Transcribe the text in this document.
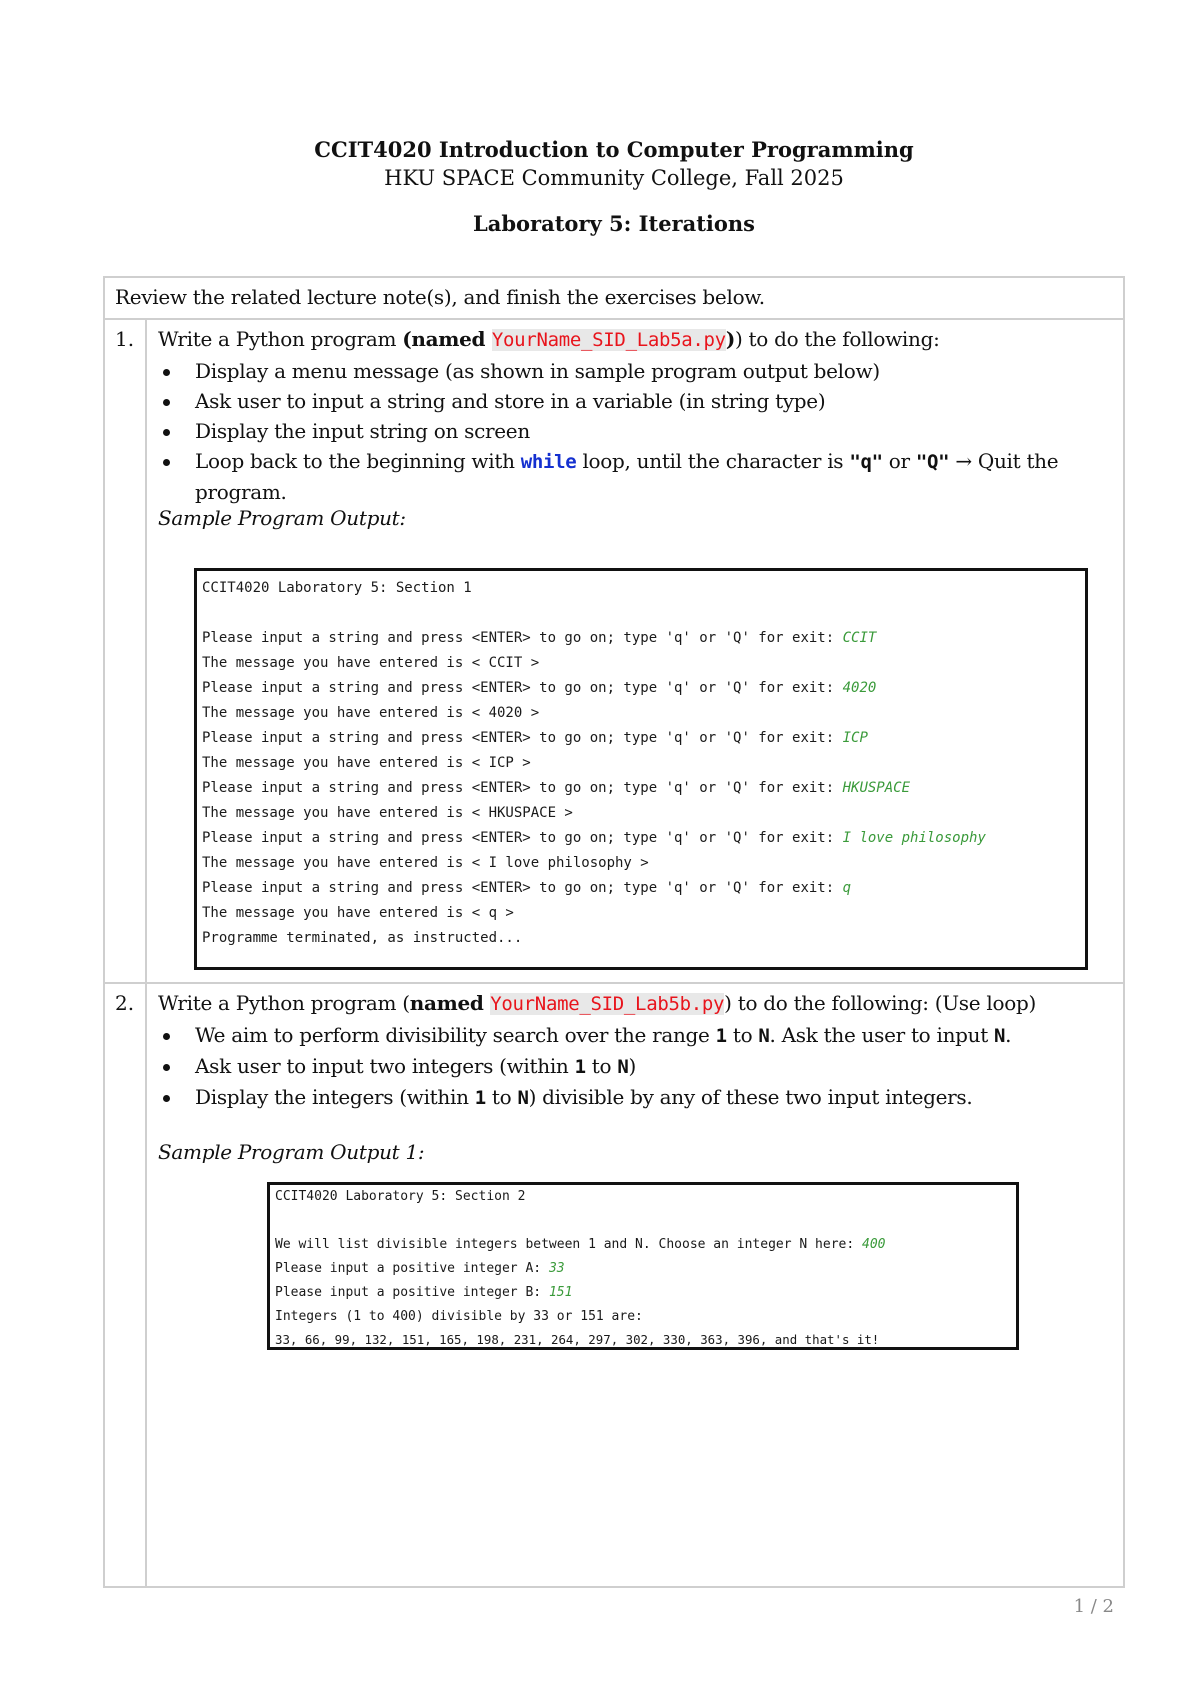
CCIT4020 Introduction to Computer Programming
HKU SPACE Community College, Fall 2025
Laboratory 5: Iterations
Review the related lecture note(s), and finish the exercises below.
1. Write a Python program (named YourName_SID_Lab5a.py)) to do the following:
Display a menu message (as shown in sample program output below)
Ask user to input a string and store in a variable (in string type)
Display the input string on screen
Loop back to the beginning with while loop, until the character is "q" or "Q" → Quit the
program.
Sample Program Output:
CCIT4020 Laboratory 5: Section 1
Please input a string and press <ENTER> to go on; type 'q' or 'Q' for exit: CCIT
The message you have entered is < CCIT >
Please input a string and press <ENTER> to go on; type 'q' or 'Q' for exit: 4020
The message you have entered is < 4020 >
Please input a string and press <ENTER> to go on; type 'q' or 'Q' for exit: ICP
The message you have entered is < ICP >
Please input a string and press <ENTER> to go on; type 'q' or 'Q' for exit: HKUSPACE
The message you have entered is < HKUSPACE >
Please input a string and press <ENTER> to go on; type 'q' or 'Q' for exit: I love philosophy
The message you have entered is < I love philosophy >
Please input a string and press <ENTER> to go on; type 'q' or 'Q' for exit: q
The message you have entered is < q >
Programme terminated, as instructed...
2. Write a Python program (named YourName_SID_Lab5b.py) to do the following: (Use loop)
We aim to perform divisibility search over the range 1 to N. Ask the user to input N.
Ask user to input two integers (within 1 to N)
Display the integers (within 1 to N) divisible by any of these two input integers.
Sample Program Output 1:
CCIT4020 Laboratory 5: Section 2
We will list divisible integers between 1 and N. Choose an integer N here: 400
Please input a positive integer A: 33
Please input a positive integer B: 151
Integers (1 to 400) divisible by 33 or 151 are:
33, 66, 99, 132, 151, 165, 198, 231, 264, 297, 302, 330, 363, 396, and that's it!
1 / 2
